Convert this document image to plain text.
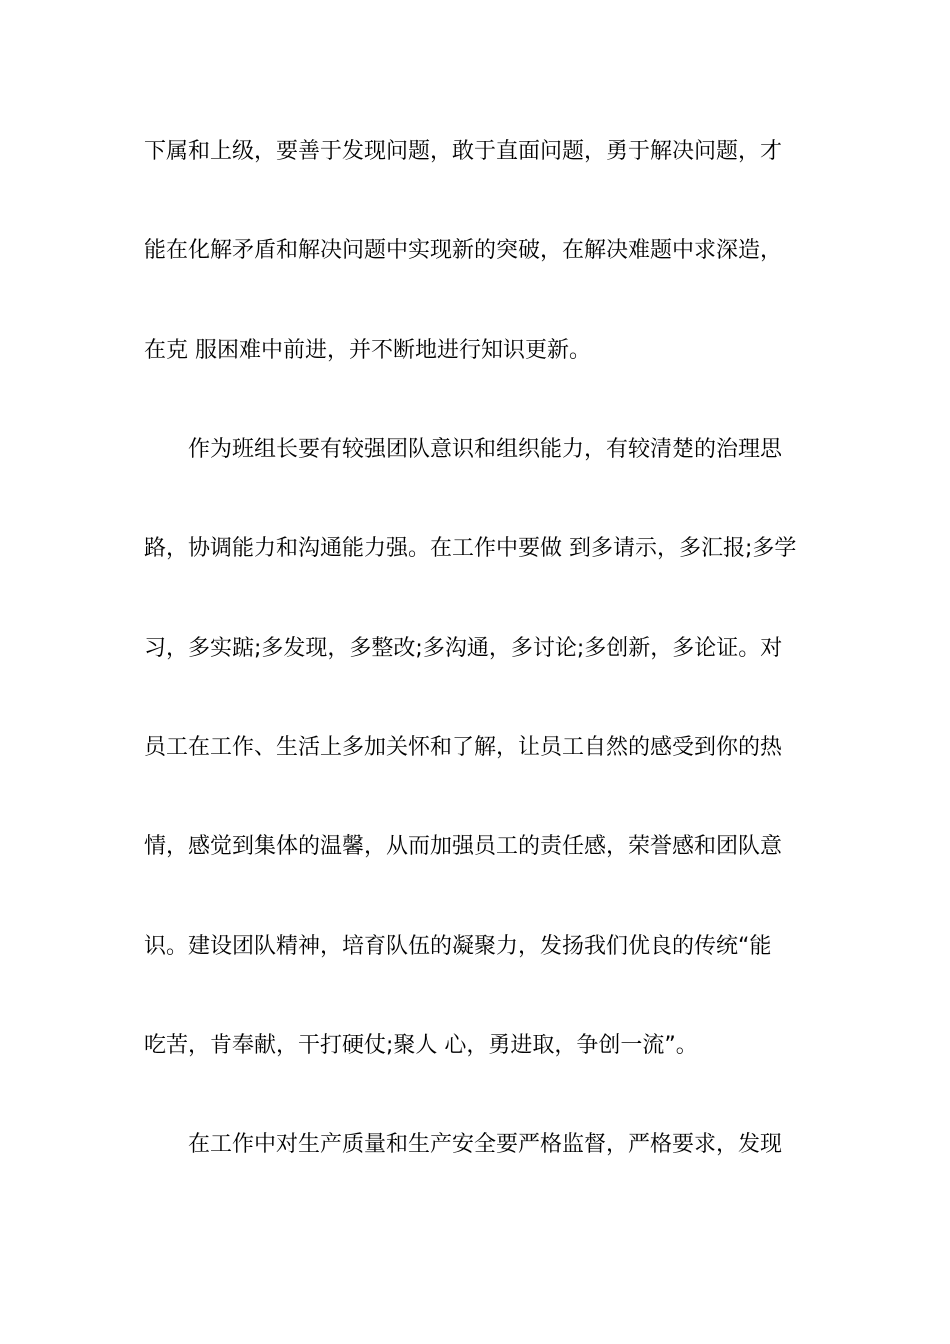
下属和上级，要善于发现问题，敢于直面问题，勇于解决问题，才
能在化解矛盾和解决问题中实现新的突破，在解决难题中求深造，
在克 服困难中前进，并不断地进行知识更新。
作为班组长要有较强团队意识和组织能力，有较清楚的治理思
路，协调能力和沟通能力强。在工作中要做 到多请示，多汇报;多学
习，多实踮;多发现，多整改;多沟通，多讨论;多创新，多论证。对
员工在工作、生活上多加关怀和了解，让员工自然的感受到你的热
情，感觉到集体的温馨，从而加强员工的责任感，荣誉感和团队意
识。建设团队精神，培育队伍的凝聚力，发扬我们优良的传统“能
吃苦，肯奉献，干打硬仗;聚人 心，勇进取，争创一流”。
在工作中对生产质量和生产安全要严格监督，严格要求，发现
